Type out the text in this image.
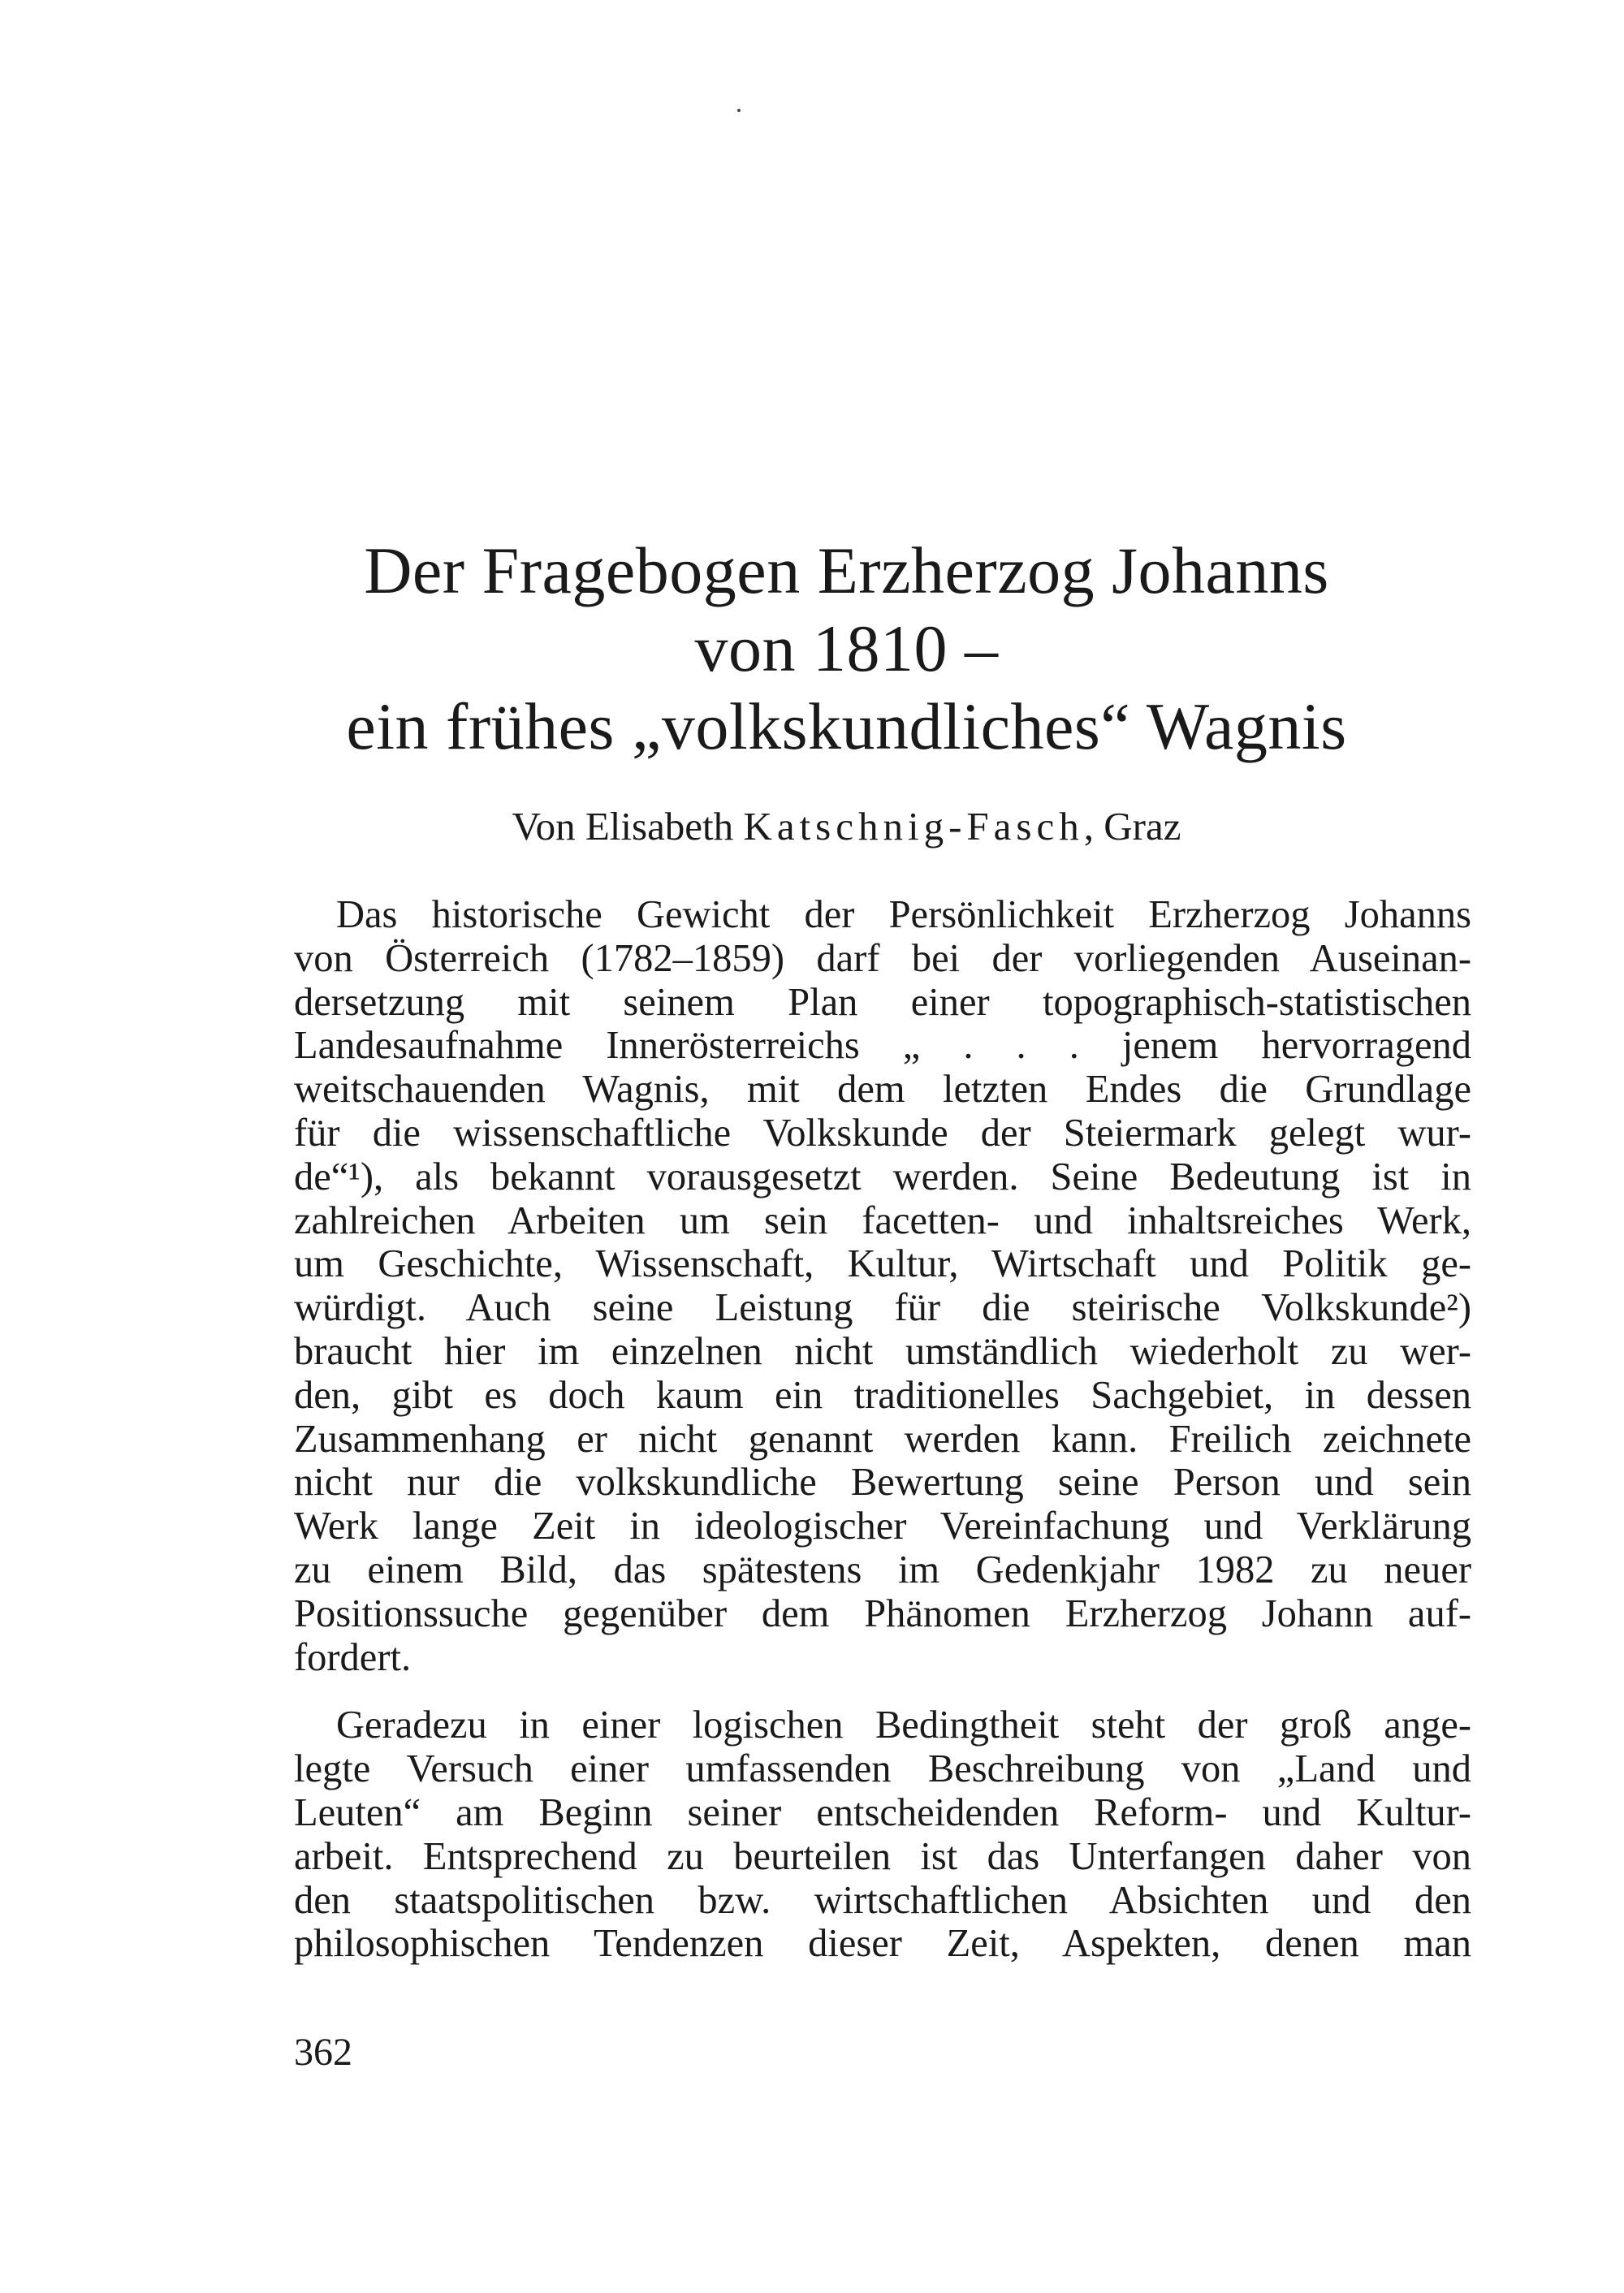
Der Fragebogen Erzherzog Johanns
von 1810 –
ein frühes „volkskundliches“ Wagnis
Von Elisabeth Katschnig-Fasch, Graz

Das historische Gewicht der Persönlichkeit Erzherzog Johanns
von Österreich (1782–1859) darf bei der vorliegenden Auseinan-
dersetzung mit seinem Plan einer topographisch-statistischen
Landesaufnahme Innerösterreichs „ . . . jenem hervorragend
weitschauenden Wagnis, mit dem letzten Endes die Grundlage
für die wissenschaftliche Volkskunde der Steiermark gelegt wur-
de“¹), als bekannt vorausgesetzt werden. Seine Bedeutung ist in
zahlreichen Arbeiten um sein facetten- und inhaltsreiches Werk,
um Geschichte, Wissenschaft, Kultur, Wirtschaft und Politik ge-
würdigt. Auch seine Leistung für die steirische Volkskunde²)
braucht hier im einzelnen nicht umständlich wiederholt zu wer-
den, gibt es doch kaum ein traditionelles Sachgebiet, in dessen
Zusammenhang er nicht genannt werden kann. Freilich zeichnete
nicht nur die volkskundliche Bewertung seine Person und sein
Werk lange Zeit in ideologischer Vereinfachung und Verklärung
zu einem Bild, das spätestens im Gedenkjahr 1982 zu neuer
Positionssuche gegenüber dem Phänomen Erzherzog Johann auf-
fordert.

Geradezu in einer logischen Bedingtheit steht der groß ange-
legte Versuch einer umfassenden Beschreibung von „Land und
Leuten“ am Beginn seiner entscheidenden Reform- und Kultur-
arbeit. Entsprechend zu beurteilen ist das Unterfangen daher von
den staatspolitischen bzw. wirtschaftlichen Absichten und den
philosophischen Tendenzen dieser Zeit, Aspekten, denen man

362
